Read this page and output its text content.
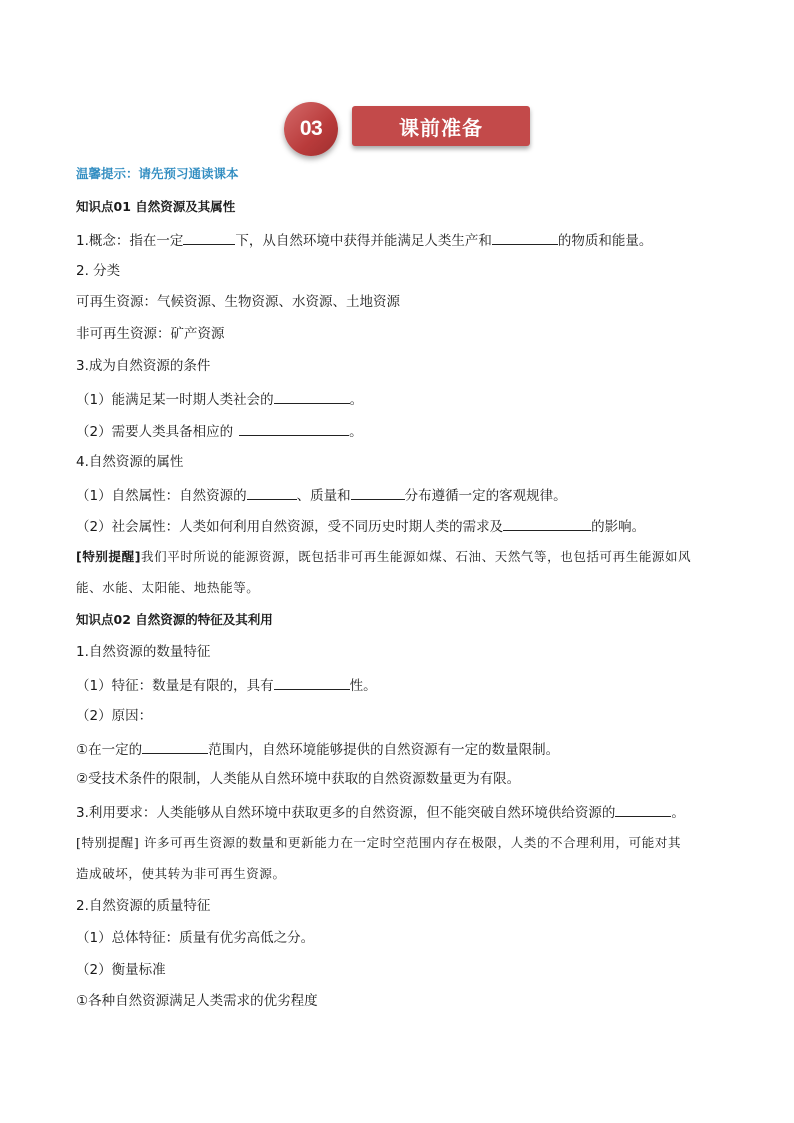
03	课前准备
温馨提示：请先预习通读课本
知识点01 自然资源及其属性
1.概念：指在一定	下，从自然环境中获得并能满足人类生产和	的物质和能量。
2. 分类
可再生资源：气候资源、生物资源、水资源、土地资源
非可再生资源：矿产资源
3.成为自然资源的条件
（1）能满足某一时期人类社会的	。
（2）需要人类具备相应的	。
4.自然资源的属性
（1）自然属性：自然资源的	、质量和	分布遵循一定的客观规律。
（2）社会属性：人类如何利用自然资源，受不同历史时期人类的需求及	的影响。
[特别提醒]我们平时所说的能源资源，既包括非可再生能源如煤、石油、天然气等，也包括可再生能源如风
能、水能、太阳能、地热能等。
知识点02 自然资源的特征及其利用
1.自然资源的数量特征
（1）特征：数量是有限的，具有	性。
（2）原因：
①在一定的	范围内，自然环境能够提供的自然资源有一定的数量限制。
②受技术条件的限制，人类能从自然环境中获取的自然资源数量更为有限。
3.利用要求：人类能够从自然环境中获取更多的自然资源，但不能突破自然环境供给资源的	。
[特别提醒] 许多可再生资源的数量和更新能力在一定时空范围内存在极限，人类的不合理利用，可能对其
造成破坏，使其转为非可再生资源。
2.自然资源的质量特征
（1）总体特征：质量有优劣高低之分。
（2）衡量标准
①各种自然资源满足人类需求的优劣程度
